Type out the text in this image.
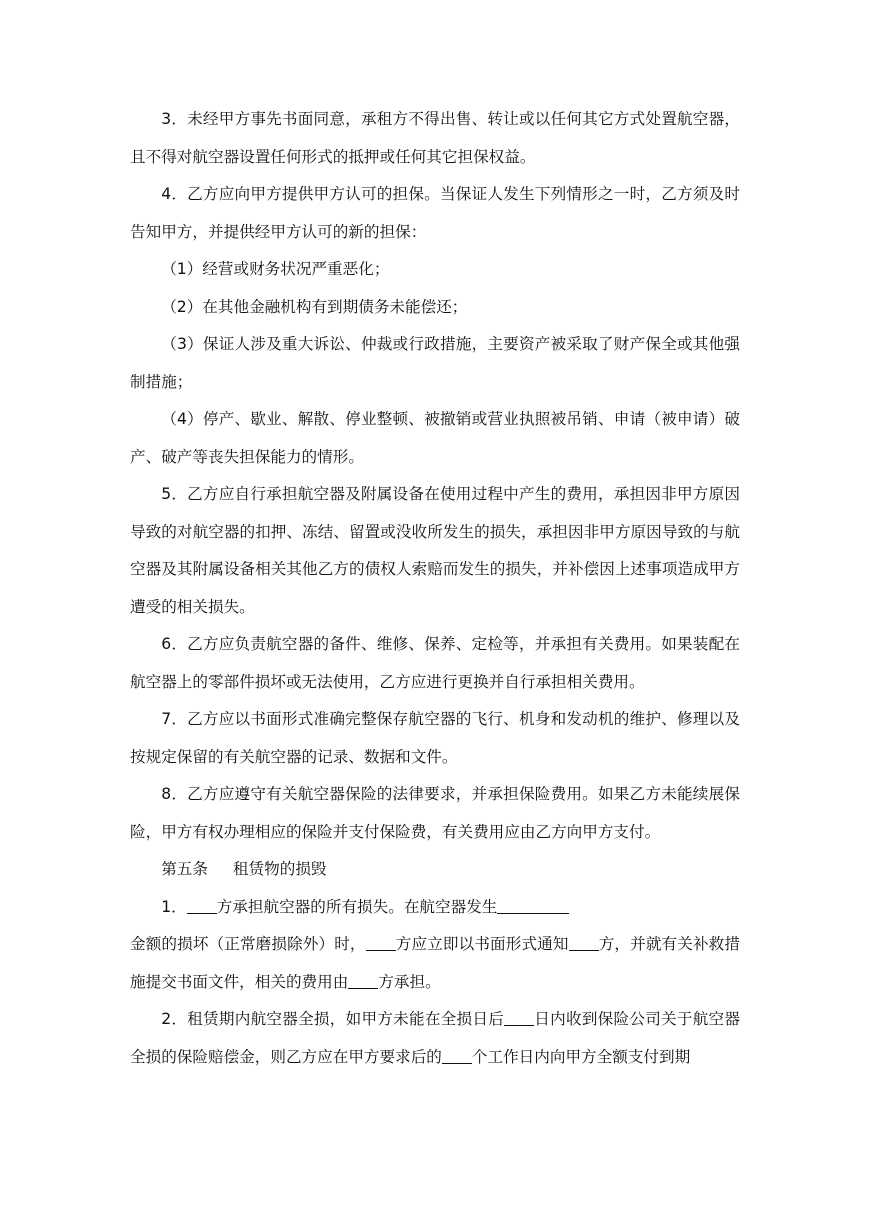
3．未经甲方事先书面同意，承租方不得出售、转让或以任何其它方式处置航空器，且不得对航空器设置任何形式的抵押或任何其它担保权益。

4．乙方应向甲方提供甲方认可的担保。当保证人发生下列情形之一时，乙方须及时告知甲方，并提供经甲方认可的新的担保：

（1）经营或财务状况严重恶化；

（2）在其他金融机构有到期债务未能偿还；

（3）保证人涉及重大诉讼、仲裁或行政措施，主要资产被采取了财产保全或其他强制措施；

（4）停产、歇业、解散、停业整顿、被撤销或营业执照被吊销、申请（被申请）破产、破产等丧失担保能力的情形。

5．乙方应自行承担航空器及附属设备在使用过程中产生的费用，承担因非甲方原因导致的对航空器的扣押、冻结、留置或没收所发生的损失，承担因非甲方原因导致的与航空器及其附属设备相关其他乙方的债权人索赔而发生的损失，并补偿因上述事项造成甲方遭受的相关损失。

6．乙方应负责航空器的备件、维修、保养、定检等，并承担有关费用。如果装配在航空器上的零部件损坏或无法使用，乙方应进行更换并自行承担相关费用。

7．乙方应以书面形式准确完整保存航空器的飞行、机身和发动机的维护、修理以及按规定保留的有关航空器的记录、数据和文件。

8．乙方应遵守有关航空器保险的法律要求，并承担保险费用。如果乙方未能续展保险，甲方有权办理相应的保险并支付保险费，有关费用应由乙方向甲方支付。

第五条 租赁物的损毁

1． 方承担航空器的所有损失。在航空器发生

金额的损坏（正常磨损除外）时， 方应立即以书面形式通知 方，并就有关补救措施提交书面文件，相关的费用由 方承担。

2．租赁期内航空器全损，如甲方未能在全损日后 日内收到保险公司关于航空器全损的保险赔偿金，则乙方应在甲方要求后的 个工作日内向甲方全额支付到期
